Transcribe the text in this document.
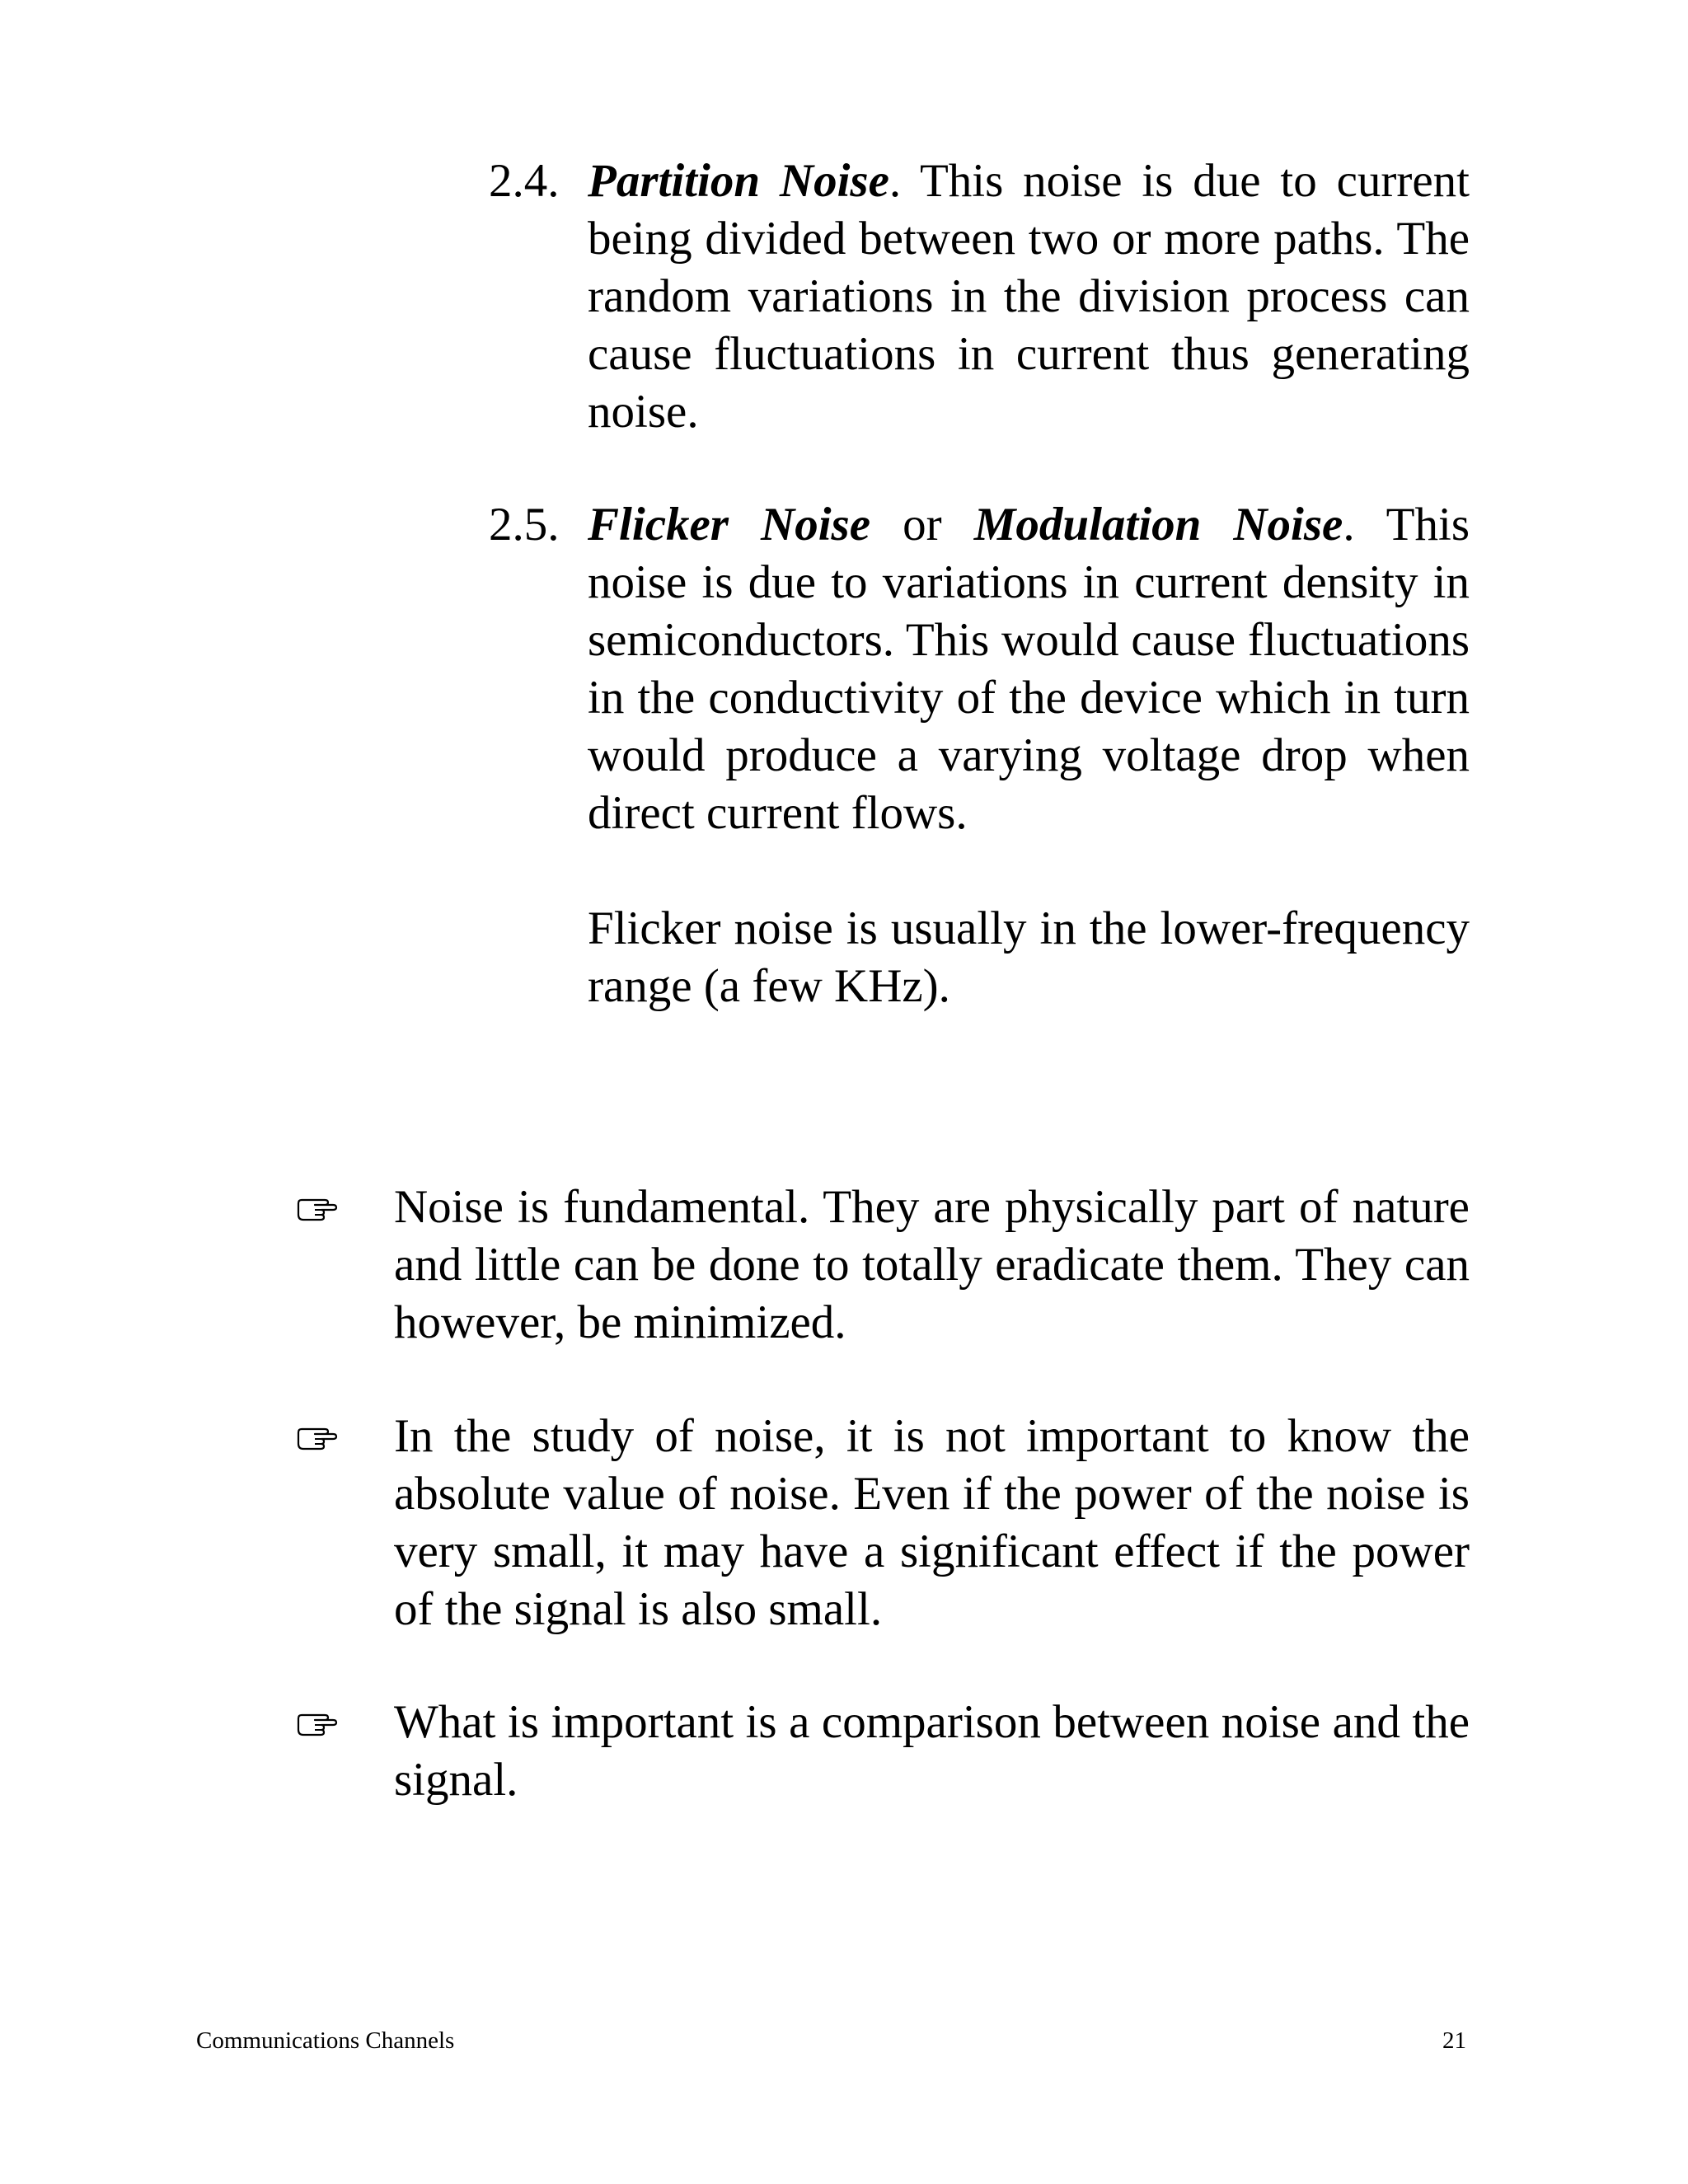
2.4. Partition Noise. This noise is due to current being divided between two or more paths. The random variations in the division process can cause fluctuations in current thus generating noise.
2.5. Flicker Noise or Modulation Noise. This noise is due to variations in current density in semiconductors. This would cause fluctuations in the conductivity of the device which in turn would produce a varying voltage drop when direct current flows.
Flicker noise is usually in the lower-frequency range (a few KHz).
Noise is fundamental. They are physically part of nature and little can be done to totally eradicate them. They can however, be minimized.
In the study of noise, it is not important to know the absolute value of noise. Even if the power of the noise is very small, it may have a significant effect if the power of the signal is also small.
What is important is a comparison between noise and the signal.
Communications Channels	21
